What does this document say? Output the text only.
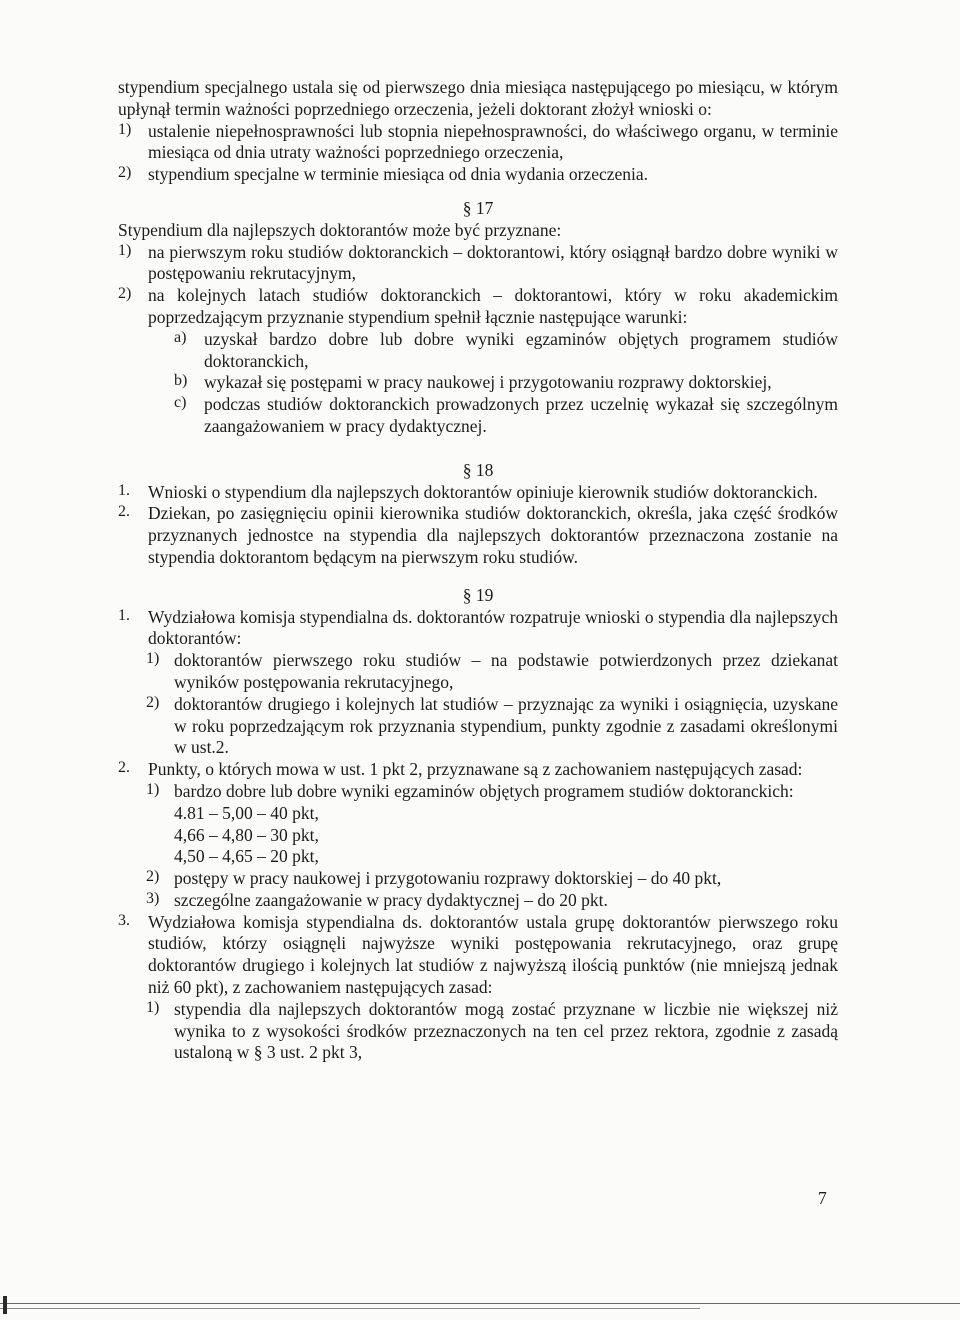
stypendium specjalnego ustala się od pierwszego dnia miesiąca następującego po miesiącu, w którym upłynął termin ważności poprzedniego orzeczenia, jeżeli doktorant złożył wnioski o:

1) ustalenie niepełnosprawności lub stopnia niepełnosprawności, do właściwego organu, w terminie miesiąca od dnia utraty ważności poprzedniego orzeczenia,

2) stypendium specjalne w terminie miesiąca od dnia wydania orzeczenia.

§ 17

Stypendium dla najlepszych doktorantów może być przyznane:

1) na pierwszym roku studiów doktoranckich – doktorantowi, który osiągnął bardzo dobre wyniki w postępowaniu rekrutacyjnym,

2) na kolejnych latach studiów doktoranckich – doktorantowi, który w roku akademickim poprzedzającym przyznanie stypendium spełnił łącznie następujące warunki:

a) uzyskał bardzo dobre lub dobre wyniki egzaminów objętych programem studiów doktoranckich,

b) wykazał się postępami w pracy naukowej i przygotowaniu rozprawy doktorskiej,

c) podczas studiów doktoranckich prowadzonych przez uczelnię wykazał się szczególnym zaangażowaniem w pracy dydaktycznej.

§ 18

1. Wnioski o stypendium dla najlepszych doktorantów opiniuje kierownik studiów doktoranckich.

2. Dziekan, po zasięgnięciu opinii kierownika studiów doktoranckich, określa, jaka część środków przyznanych jednostce na stypendia dla najlepszych doktorantów przeznaczona zostanie na stypendia doktorantom będącym na pierwszym roku studiów.

§ 19

1. Wydziałowa komisja stypendialna ds. doktorantów rozpatruje wnioski o stypendia dla najlepszych doktorantów:

1) doktorantów pierwszego roku studiów – na podstawie potwierdzonych przez dziekanat wyników postępowania rekrutacyjnego,

2) doktorantów drugiego i kolejnych lat studiów – przyznając za wyniki i osiągnięcia, uzyskane w roku poprzedzającym rok przyznania stypendium, punkty zgodnie z zasadami określonymi w ust.2.

2. Punkty, o których mowa w ust. 1 pkt 2, przyznawane są z zachowaniem następujących zasad:

1) bardzo dobre lub dobre wyniki egzaminów objętych programem studiów doktoranckich:

4.81 – 5,00 – 40 pkt,

4,66 – 4,80 – 30 pkt,

4,50 – 4,65 – 20 pkt,

2) postępy w pracy naukowej i przygotowaniu rozprawy doktorskiej – do 40 pkt,

3) szczególne zaangażowanie w pracy dydaktycznej – do 20 pkt.

3. Wydziałowa komisja stypendialna ds. doktorantów ustala grupę doktorantów pierwszego roku studiów, którzy osiągnęli najwyższe wyniki postępowania rekrutacyjnego, oraz grupę doktorantów drugiego i kolejnych lat studiów z najwyższą ilością punktów (nie mniejszą jednak niż 60 pkt), z zachowaniem następujących zasad:

1) stypendia dla najlepszych doktorantów mogą zostać przyznane w liczbie nie większej niż wynika to z wysokości środków przeznaczonych na ten cel przez rektora, zgodnie z zasadą ustaloną w § 3 ust. 2 pkt 3,

7
